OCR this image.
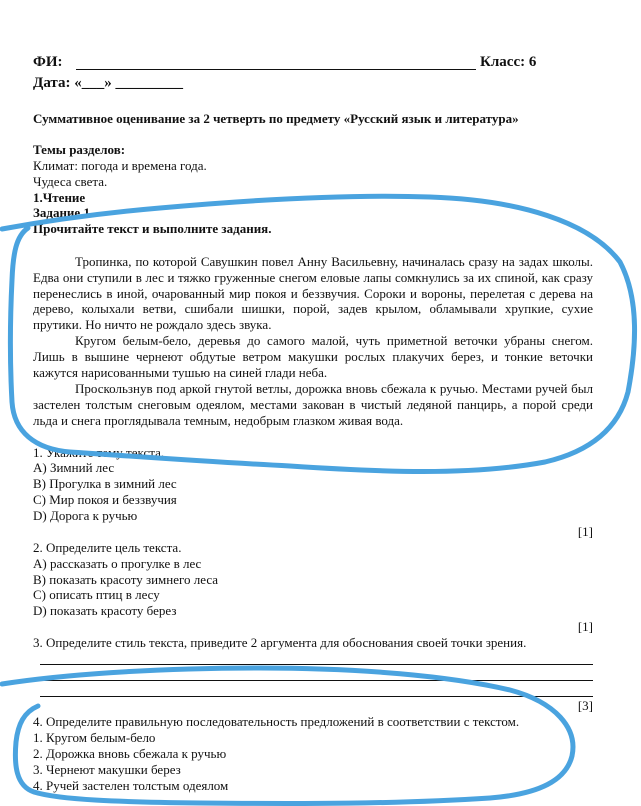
ФИ:	Класс: 6
Дата: «___» _________
Суммативное оценивание за 2 четверть по предмету «Русский язык и литература»
Темы разделов:
Климат: погода и времена года.
Чудеса света.
1.Чтение
Задание 1
Прочитайте текст и выполните задания.
Тропинка, по которой Савушкин повел Анну Васильевну, начиналась сразу на задах школы. Едва они ступили в лес и тяжко груженные снегом еловые лапы сомкнулись за их спиной, как сразу перенеслись в иной, очарованный мир покоя и беззвучия. Сороки и вороны, перелетая с дерева на дерево, колыхали ветви, сшибали шишки, порой, задев крылом, обламывали хрупкие, сухие прутики. Но ничто не рождало здесь звука.
Кругом белым-бело, деревья до самого малой, чуть приметной веточки убраны снегом. Лишь в вышине чернеют обдутые ветром макушки рослых плакучих берез, и тонкие веточки кажутся нарисованными тушью на синей глади неба.
Проскользнув под аркой гнутой ветлы, дорожка вновь сбежала к ручью. Местами ручей был застелен толстым снеговым одеялом, местами закован в чистый ледяной панцирь, а порой среди льда и снега проглядывала темным, недобрым глазком живая вода.
1. Укажите тему текста.
A) Зимний лес
B) Прогулка в зимний лес
C) Мир покоя и беззвучия
D) Дорога к ручью
[1]
2. Определите цель текста.
A) рассказать о прогулке в лес
B) показать красоту зимнего леса
C) описать птиц в лесу
D) показать красоту берез
[1]
3. Определите стиль текста, приведите 2 аргумента для обоснования своей точки зрения.
[3]
4. Определите правильную последовательность предложений в соответствии с текстом.
1. Кругом белым-бело
2. Дорожка вновь сбежала к ручью
3. Чернеют макушки берез
4. Ручей застелен толстым одеялом
